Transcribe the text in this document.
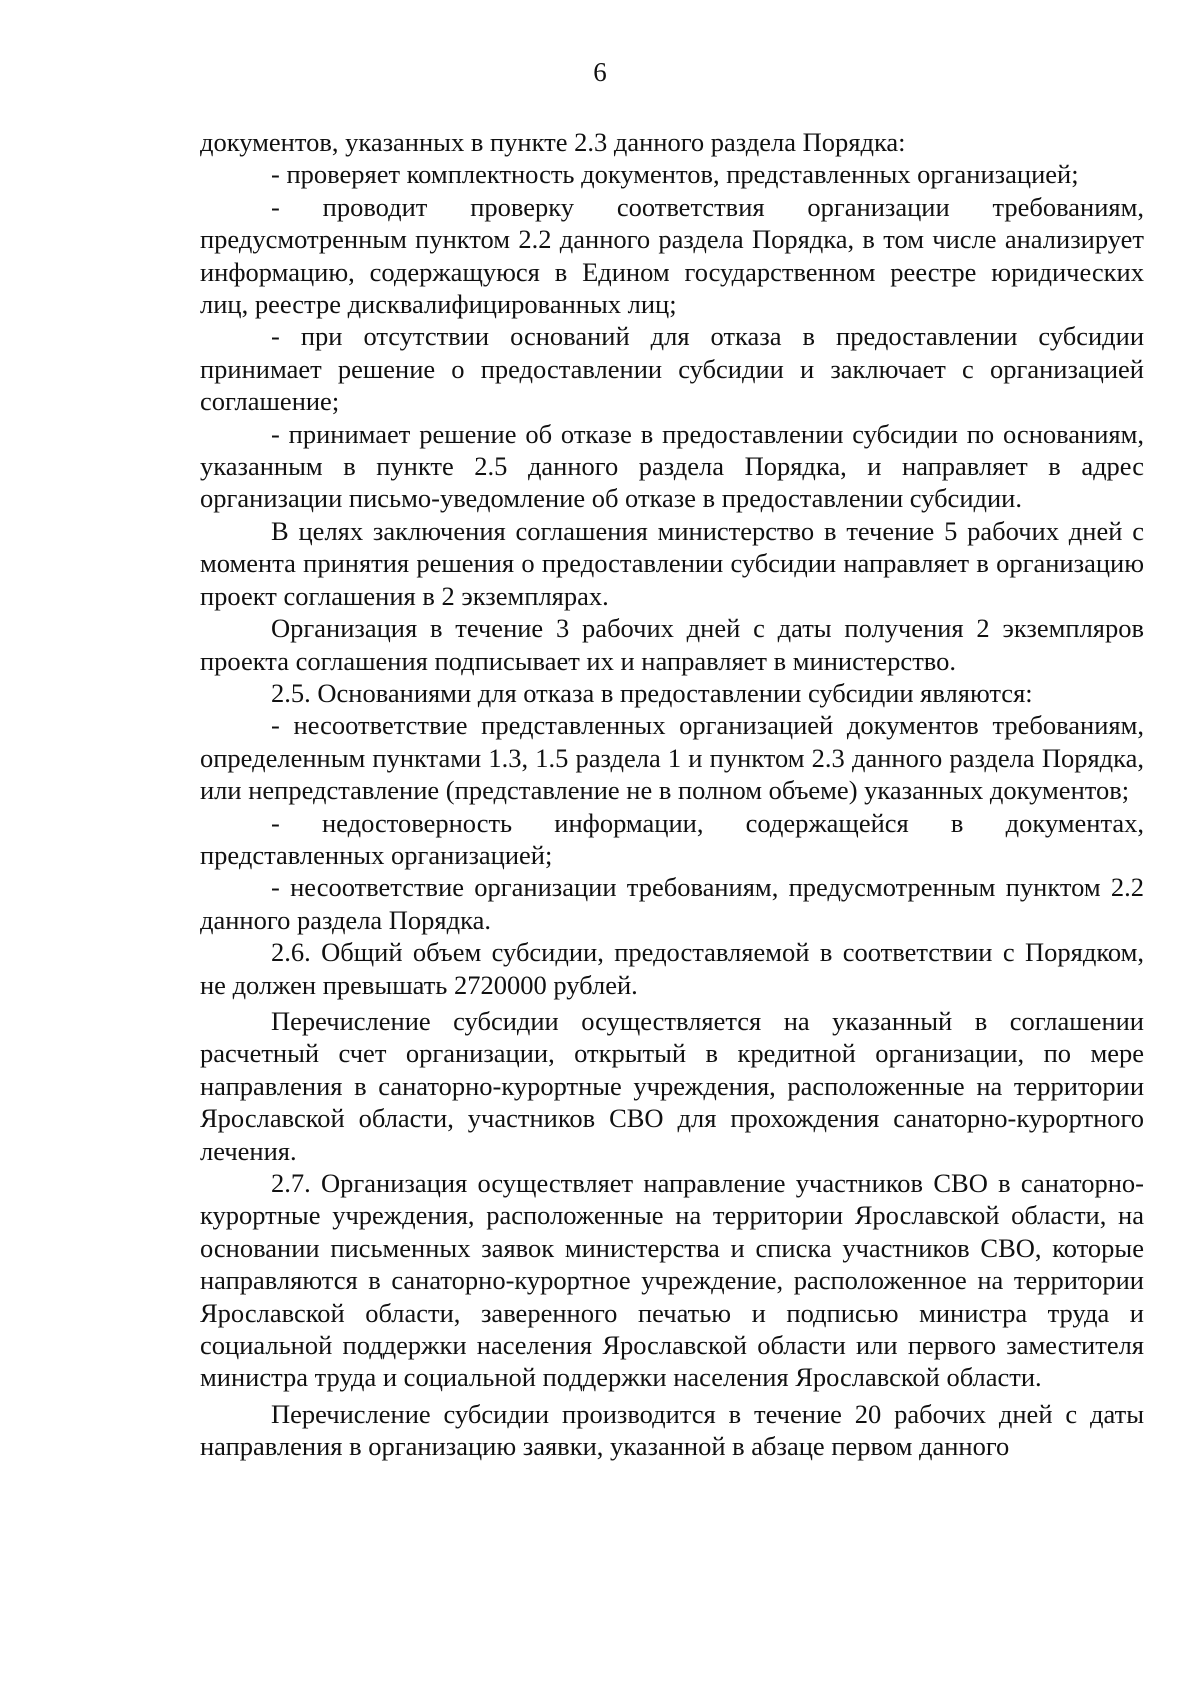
6

документов, указанных в пункте 2.3 данного раздела Порядка:

- проверяет комплектность документов, представленных организацией;

- проводит проверку соответствия организации требованиям, предусмотренным пунктом 2.2 данного раздела Порядка, в том числе анализирует информацию, содержащуюся в Едином государственном реестре юридических лиц, реестре дисквалифицированных лиц;

- при отсутствии оснований для отказа в предоставлении субсидии принимает решение о предоставлении субсидии и заключает с организацией соглашение;

- принимает решение об отказе в предоставлении субсидии по основаниям, указанным в пункте 2.5 данного раздела Порядка, и направляет в адрес организации письмо-уведомление об отказе в предоставлении субсидии.

В целях заключения соглашения министерство в течение 5 рабочих дней с момента принятия решения о предоставлении субсидии направляет в организацию проект соглашения в 2 экземплярах.

Организация в течение 3 рабочих дней с даты получения 2 экземпляров проекта соглашения подписывает их и направляет в министерство.

2.5. Основаниями для отказа в предоставлении субсидии являются:

- несоответствие представленных организацией документов требованиям, определенным пунктами 1.3, 1.5 раздела 1 и пунктом 2.3 данного раздела Порядка, или непредставление (представление не в полном объеме) указанных документов;

- недостоверность информации, содержащейся в документах, представленных организацией;

- несоответствие организации требованиям, предусмотренным пунктом 2.2 данного раздела Порядка.

2.6. Общий объем субсидии, предоставляемой в соответствии с Порядком, не должен превышать 2720000 рублей.

Перечисление субсидии осуществляется на указанный в соглашении расчетный счет организации, открытый в кредитной организации, по мере направления в санаторно-курортные учреждения, расположенные на территории Ярославской области, участников СВО для прохождения санаторно-курортного лечения.

2.7. Организация осуществляет направление участников СВО в санаторно-курортные учреждения, расположенные на территории Ярославской области, на основании письменных заявок министерства и списка участников СВО, которые направляются в санаторно-курортное учреждение, расположенное на территории Ярославской области, заверенного печатью и подписью министра труда и социальной поддержки населения Ярославской области или первого заместителя министра труда и социальной поддержки населения Ярославской области.

Перечисление субсидии производится в течение 20 рабочих дней с даты направления в организацию заявки, указанной в абзаце первом данного
